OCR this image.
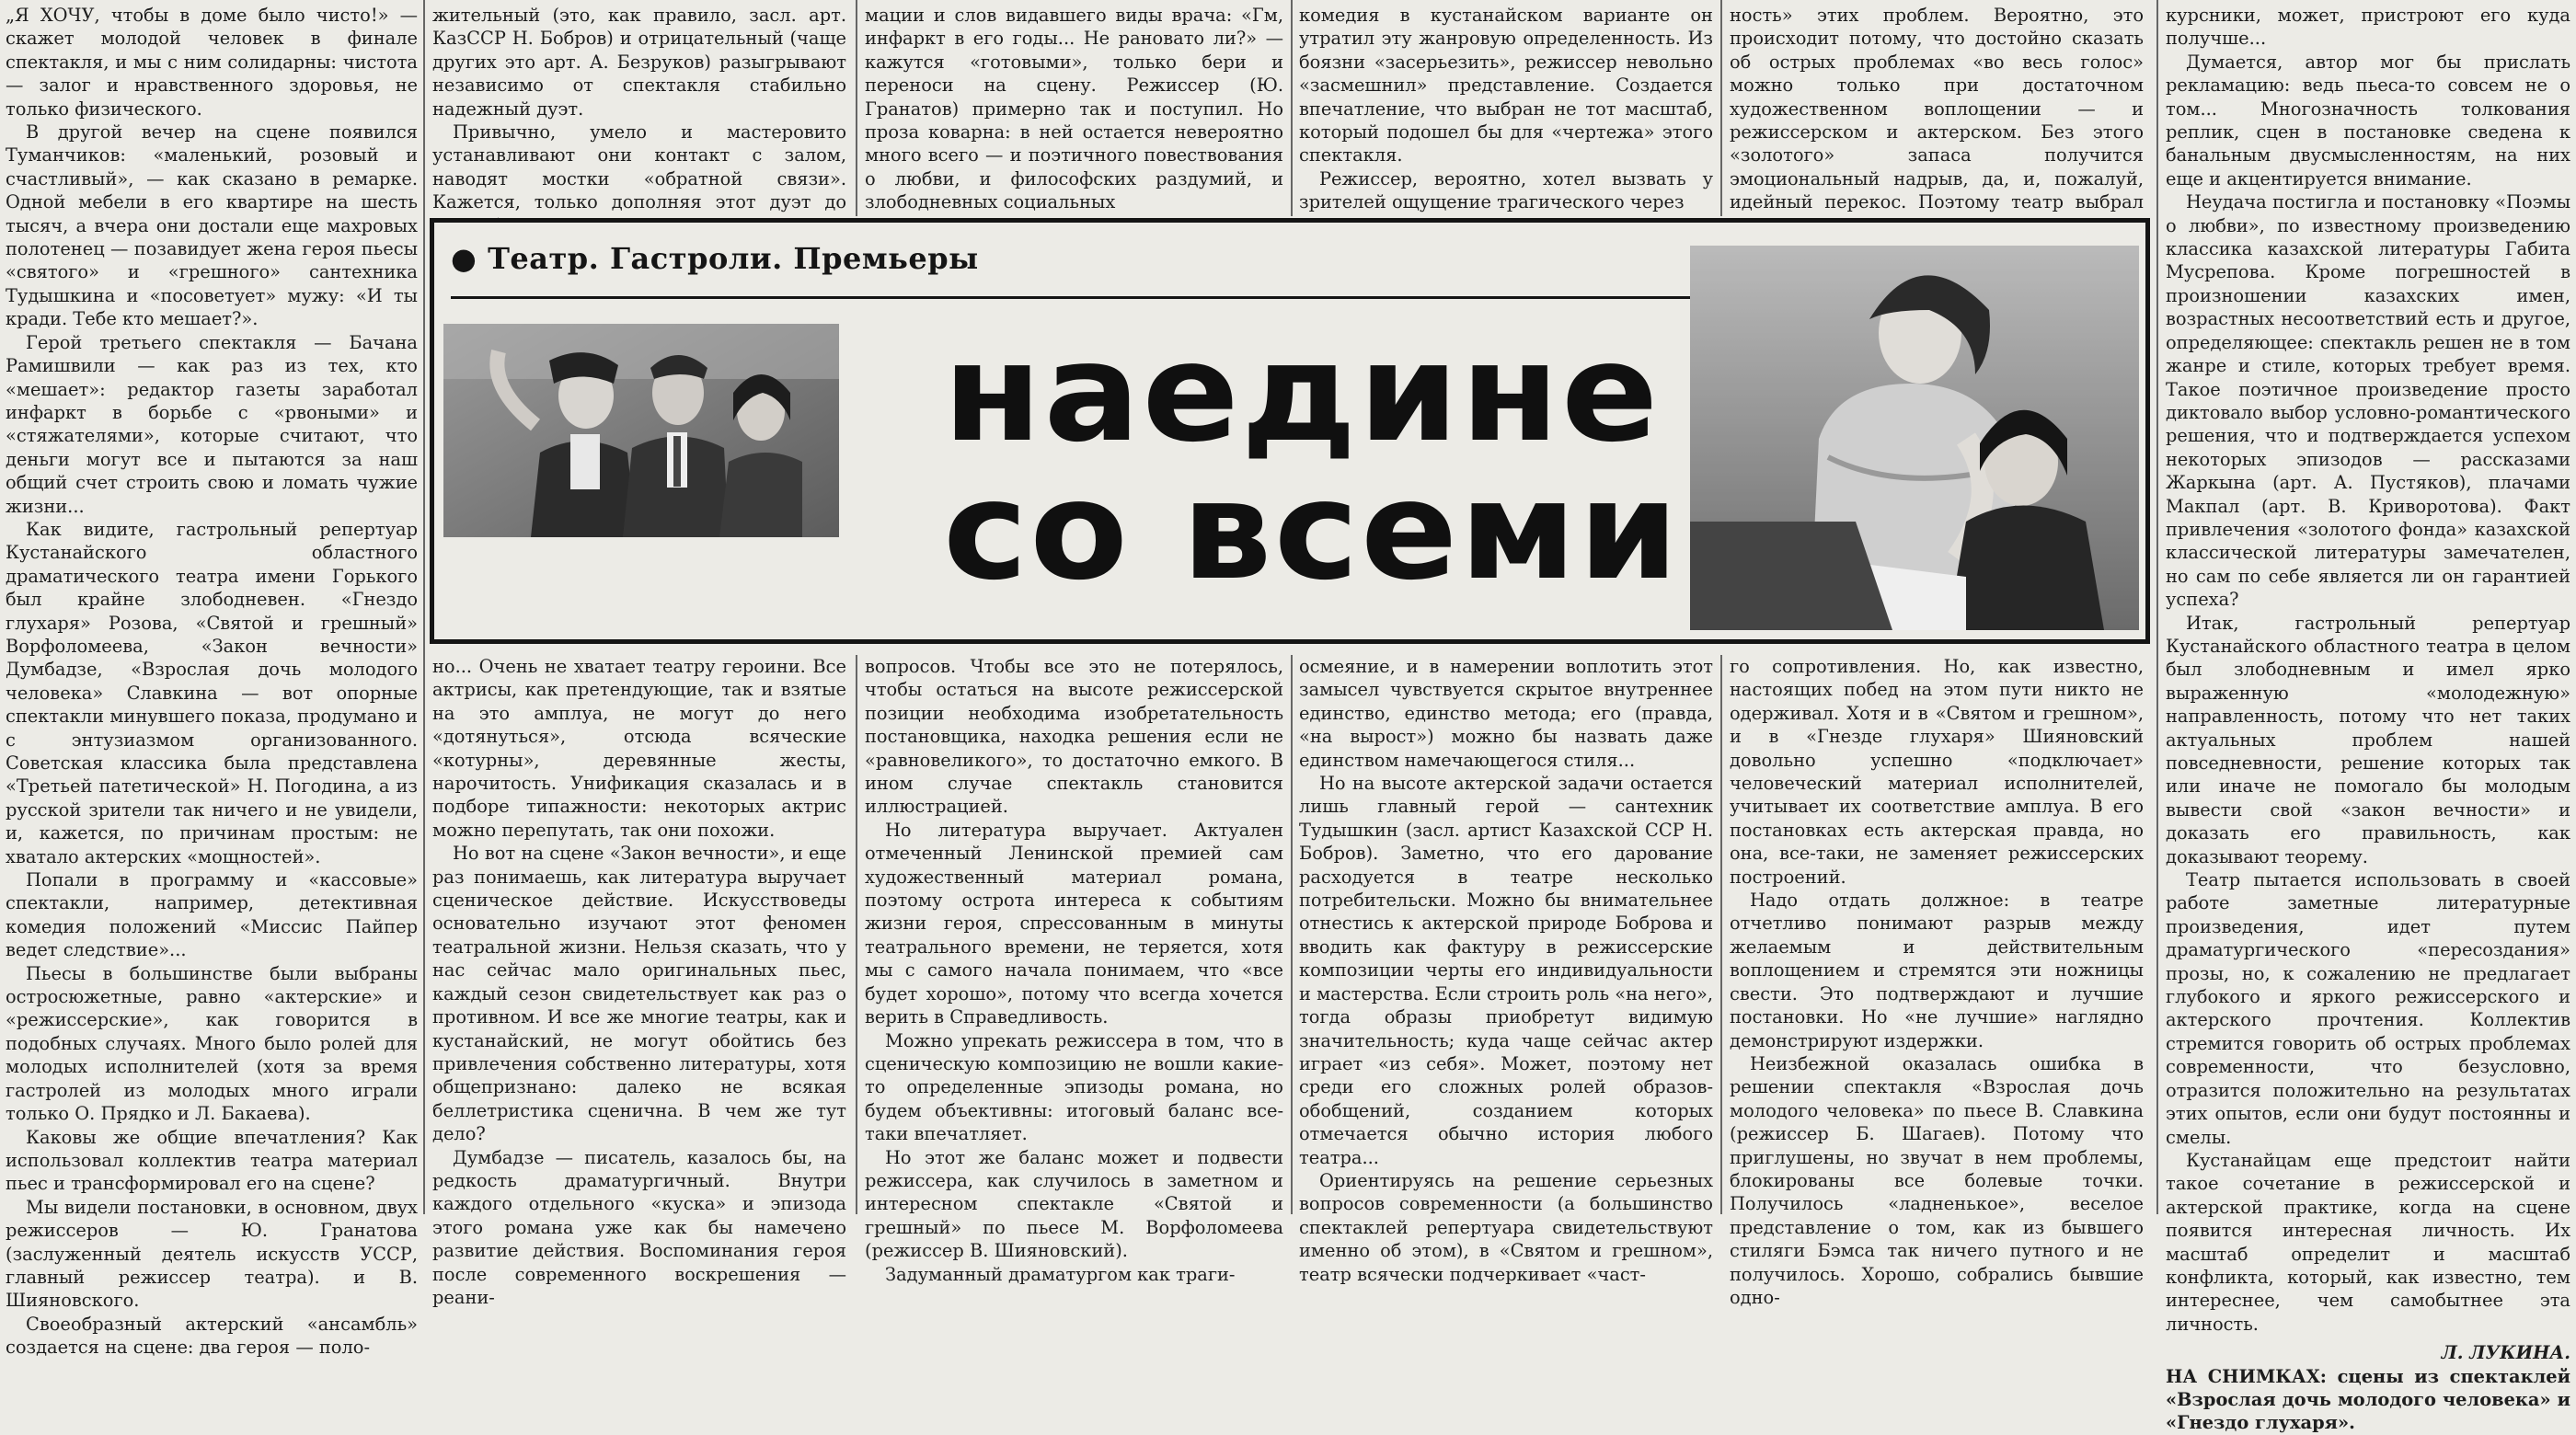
„Я ХОЧУ, чтобы в доме было чисто!» — скажет молодой человек в финале спектакля, и мы с ним солидарны: чистота — залог и нравственного здоровья, не только физического.

В другой вечер на сцене появился Туманчиков: «маленький, розовый и счастливый», — как сказано в ремарке. Одной мебели в его квартире на шесть тысяч, а вчера они достали еще махровых полотенец — позавидует жена героя пьесы «святого» и «грешного» сантехника Тудышкина и «посоветует» мужу: «И ты кради. Тебе кто мешает?».

Герой третьего спектакля — Бачана Рамишвили — как раз из тех, кто «мешает»: редактор газеты заработал инфаркт в борьбе с «рвоными» и «стяжателями», которые считают, что деньги могут все и пытаются за наш общий счет строить свою и ломать чужие жизни...

Как видите, гастрольный репертуар Кустанайского областного драматического театра имени Горького был крайне злободневен. «Гнездо глухаря» Розова, «Святой и грешный» Ворфоломеева, «Закон вечности» Думбадзе, «Взрослая дочь молодого человека» Славкина — вот опорные спектакли минувшего показа, продумано и с энтузиазмом организованного. Советская классика была представлена «Третьей патетической» Н. Погодина, а из русской зрители так ничего и не увидели, и, кажется, по причинам простым: не хватало актерских «мощностей».

Попали в программу и «кассовые» спектакли, например, детективная комедия положений «Миссис Пайпер ведет следствие»...

Пьесы в большинстве были выбраны остросюжетные, равно «актерские» и «режиссерские», как говорится в подобных случаях. Много было ролей для молодых исполнителей (хотя за время гастролей из молодых много играли только О. Прядко и Л. Бакаева).

Каковы же общие впечатления? Как использовал коллектив театра материал пьес и трансформировал его на сцене?

Мы видели постановки, в основном, двух режиссеров — Ю. Гранатова (заслуженный деятель искусств УССР, главный режиссер театра). и В. Шияновского.

Своеобразный актерский «ансамбль» создается на сцене: два героя — поло-

жительный (это, как правило, засл. арт. КазССР Н. Бобров) и отрицательный (чаще других это арт. А. Безруков) разыгрывают независимо от спектакля стабильно надежный дуэт.

Привычно, умело и мастеровито устанавливают они контакт с залом, наводят мостки «обратной связи». Кажется, только дополняя этот дуэт до

мации и слов видавшего виды врача: «Гм, инфаркт в его годы... Не рановато ли?» — кажутся «готовыми», только бери и переноси на сцену. Режиссер (Ю. Гранатов) примерно так и поступил. Но проза коварна: в ней остается невероятно много всего — и поэтичного повествования о любви, и философских раздумий, и злободневных социальных

комедия в кустанайском варианте он утратил эту жанровую определенность. Из боязни «засерьезить», режиссер невольно «засмешнил» представление. Создается впечатление, что выбран не тот масштаб, который подошел бы для «чертежа» этого спектакля.

Режиссер, вероятно, хотел вызвать у зрителей ощущение трагического через

ность» этих проблем. Вероятно, это происходит потому, что достойно сказать об острых проблемах «во весь голос» можно только при достаточном художественном воплощении — и режиссерском и актерском. Без этого «золотого» запаса получится эмоциональный надрыв, да, и, пожалуй, идейный перекос. Поэтому театр выбрал

курсники, может, пристроют его куда получше...

Думается, автор мог бы прислать рекламацию: ведь пьеса-то совсем не о том... Многозначность толкования реплик, сцен в постановке сведена к банальным двусмысленностям, на них еще и акцентируется внимание.

Неудача постигла и постановку «Поэмы о любви», по известному произведению классика казахской литературы Габита Мусрепова. Кроме погрешностей в произношении казахских имен, возрастных несоответствий есть и другое, определяющее: спектакль решен не в том жанре и стиле, которых требует время. Такое поэтичное произведение просто диктовало выбор условно-романтического решения, что и подтверждается успехом некоторых эпизодов — рассказами Жаркына (арт. А. Пустяков), плачами Макпал (арт. В. Криворотова). Факт привлечения «золотого фонда» казахской классической литературы замечателен, но сам по себе является ли он гарантией успеха?

Итак, гастрольный репертуар Кустанайского областного театра в целом был злободневным и имел ярко выраженную «молодежную» направленность, потому что нет таких актуальных проблем нашей повседневности, решение которых так или иначе не помогало бы молодым вывести свой «закон вечности» и доказать его правильность, как доказывают теорему.

Театр пытается использовать в своей работе заметные литературные произведения, идет путем драматургического «пересоздания» прозы, но, к сожалению не предлагает глубокого и яркого режиссерского и актерского прочтения. Коллектив стремится говорить об острых проблемах современности, что безусловно, отразится положительно на результатах этих опытов, если они будут постоянны и смелы.

Кустанайцам еще предстоит найти такое сочетание в режиссерской и актерской практике, когда на сцене появится интересная личность. Их масштаб определит и масштаб конфликта, который, как известно, тем интереснее, чем самобытнее эта личность.

Л. ЛУКИНА.

НА СНИМКАХ: сцены из спектаклей «Взрослая дочь молодого человека» и «Гнездо глухаря».

● Театр. Гастроли. Премьеры
наедине
со всеми

но... Очень не хватает театру героини. Все актрисы, как претендующие, так и взятые на это амплуа, не могут до него «дотянуться», отсюда всяческие «котурны», деревянные жесты, нарочитость. Унификация сказалась и в подборе типажности: некоторых актрис можно перепутать, так они похожи.

Но вот на сцене «Закон вечности», и еще раз понимаешь, как литература выручает сценическое действие. Искусствоведы основательно изучают этот феномен театральной жизни. Нельзя сказать, что у нас сейчас мало оригинальных пьес, каждый сезон свидетельствует как раз о противном. И все же многие театры, как и кустанайский, не могут обойтись без привлечения собственно литературы, хотя общепризнано: далеко не всякая беллетристика сценична. В чем же тут дело?

Думбадзе — писатель, казалось бы, на редкость драматургичный. Внутри каждого отдельного «куска» и эпизода этого романа уже как бы намечено развитие действия. Воспоминания героя после современного воскрешения — реани-

вопросов. Чтобы все это не потерялось, чтобы остаться на высоте режиссерской позиции необходима изобретательность постановщика, находка решения если не «равновеликого», то достаточно емкого. В ином случае спектакль становится иллюстрацией.

Но литература выручает. Актуален отмеченный Ленинской премией сам художественный материал романа, поэтому острота интереса к событиям жизни героя, спрессованным в минуты театрального времени, не теряется, хотя мы с самого начала понимаем, что «все будет хорошо», потому что всегда хочется верить в Справедливость.

Можно упрекать режиссера в том, что в сценическую композицию не вошли какие-то определенные эпизоды романа, но будем объективны: итоговый баланс все-таки впечатляет.

Но этот же баланс может и подвести режиссера, как случилось в заметном и интересном спектакле «Святой и грешный» по пьесе М. Ворфоломеева (режиссер В. Шияновский).

Задуманный драматургом как траги-

осмеяние, и в намерении воплотить этот замысел чувствуется скрытое внутреннее единство, единство метода; его (правда, «на вырост») можно бы назвать даже единством намечающегося стиля...

Но на высоте актерской задачи остается лишь главный герой — сантехник Тудышкин (засл. артист Казахской ССР Н. Бобров). Заметно, что его дарование расходуется в театре несколько потребительски. Можно бы внимательнее отнестись к актерской природе Боброва и вводить как фактуру в режиссерские композиции черты его индивидуальности и мастерства. Если строить роль «на него», тогда образы приобретут видимую значительность; куда чаще сейчас актер играет «из себя». Может, поэтому нет среди его сложных ролей образов-обобщений, созданием которых отмечается обычно история любого театра...

Ориентируясь на решение серьезных вопросов современности (а большинство спектаклей репертуара свидетельствуют именно об этом), в «Святом и грешном», театр всячески подчеркивает «част-

го сопротивления. Но, как известно, настоящих побед на этом пути никто не одерживал. Хотя и в «Святом и грешном», и в «Гнезде глухаря» Шияновский довольно успешно «подключает» человеческий материал исполнителей, учитывает их соответствие амплуа. В его постановках есть актерская правда, но она, все-таки, не заменяет режиссерских построений.

Надо отдать должное: в театре отчетливо понимают разрыв между желаемым и действительным воплощением и стремятся эти ножницы свести. Это подтверждают и лучшие постановки. Но «не лучшие» наглядно демонстрируют издержки.

Неизбежной оказалась ошибка в решении спектакля «Взрослая дочь молодого человека» по пьесе В. Славкина (режиссер Б. Шагаев). Потому что приглушены, но звучат в нем проблемы, блокированы все болевые точки. Получилось «ладненькое», веселое представление о том, как из бывшего стиляги Бэмса так ничего путного и не получилось. Хорошо, собрались бывшие одно-
